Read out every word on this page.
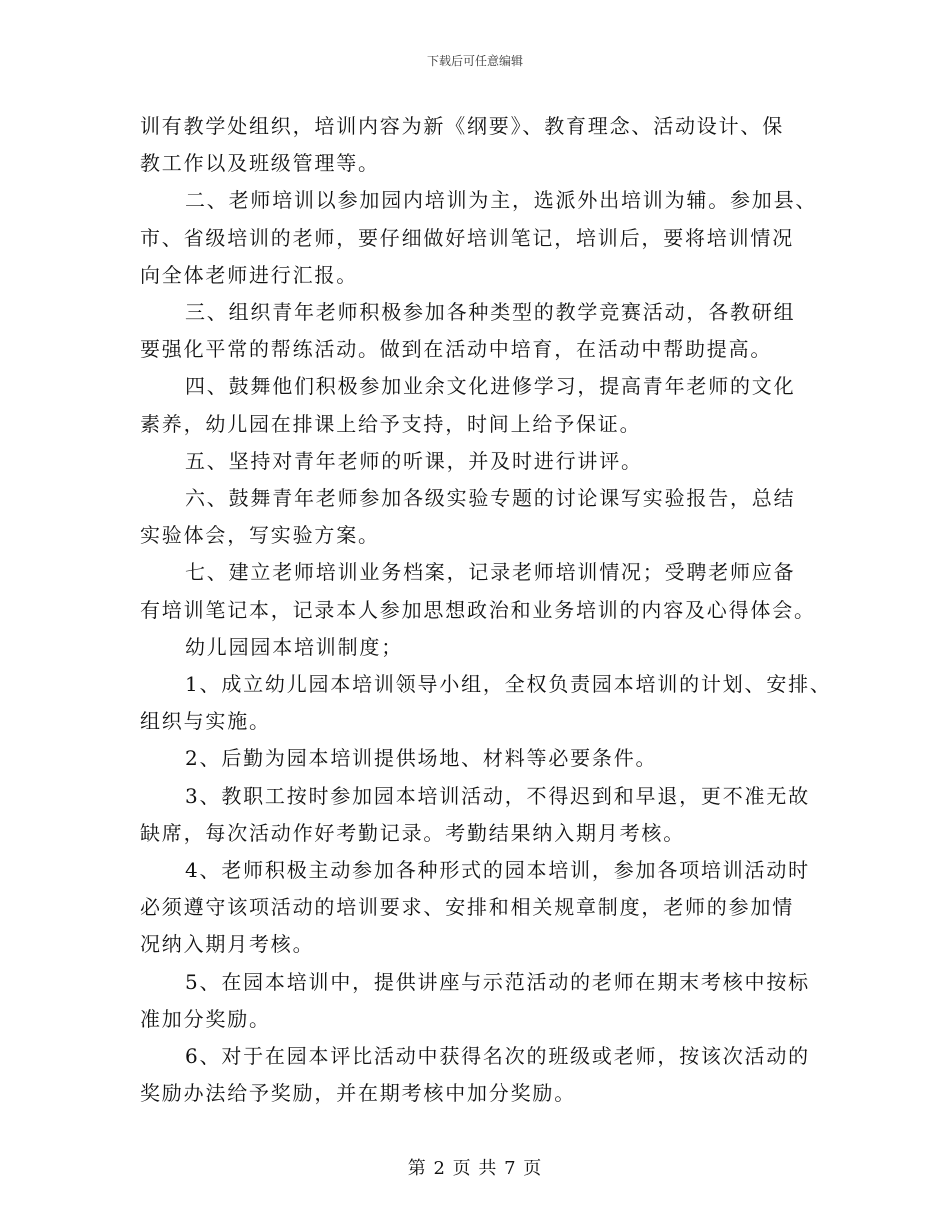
下载后可任意编辑

训有教学处组织，培训内容为新《纲要》、教育理念、活动设计、保
教工作以及班级管理等。

二、老师培训以参加园内培训为主，选派外出培训为辅。参加县、
市、省级培训的老师，要仔细做好培训笔记，培训后，要将培训情况
向全体老师进行汇报。

三、组织青年老师积极参加各种类型的教学竞赛活动，各教研组
要强化平常的帮练活动。做到在活动中培育，在活动中帮助提高。

四、鼓舞他们积极参加业余文化进修学习，提高青年老师的文化
素养，幼儿园在排课上给予支持，时间上给予保证。

五、坚持对青年老师的听课，并及时进行讲评。

六、鼓舞青年老师参加各级实验专题的讨论课写实验报告，总结
实验体会，写实验方案。

七、建立老师培训业务档案，记录老师培训情况；受聘老师应备
有培训笔记本，记录本人参加思想政治和业务培训的内容及心得体会。

幼儿园园本培训制度；

1、成立幼儿园本培训领导小组，全权负责园本培训的计划、安排、
组织与实施。

2、后勤为园本培训提供场地、材料等必要条件。

3、教职工按时参加园本培训活动，不得迟到和早退，更不准无故
缺席，每次活动作好考勤记录。考勤结果纳入期月考核。

4、老师积极主动参加各种形式的园本培训，参加各项培训活动时
必须遵守该项活动的培训要求、安排和相关规章制度，老师的参加情
况纳入期月考核。

5、在园本培训中，提供讲座与示范活动的老师在期末考核中按标
准加分奖励。

6、对于在园本评比活动中获得名次的班级或老师，按该次活动的
奖励办法给予奖励，并在期考核中加分奖励。

第 2 页 共 7 页
